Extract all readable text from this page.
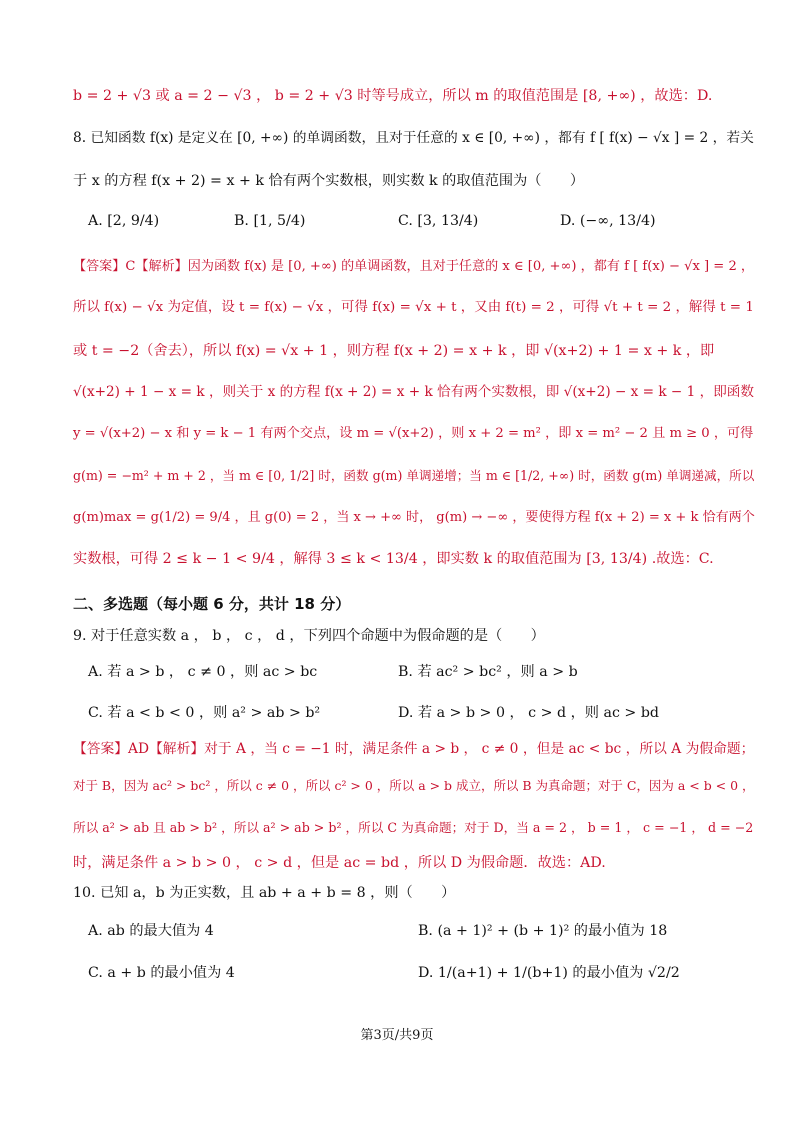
b = 2 + √3 或 a = 2 − √3 ， b = 2 + √3 时等号成立，所以 m 的取值范围是 [8, +∞) ，故选：D.
8. 已知函数 f(x) 是定义在 [0, +∞) 的单调函数，且对于任意的 x ∈ [0, +∞) ，都有 f [ f(x) − √x ] = 2 ，若关
于 x 的方程 f(x + 2) = x + k 恰有两个实数根，则实数 k 的取值范围为（　　）
A. [2, 9/4)	B. [1, 5/4)	C. [3, 13/4)	D. (−∞, 13/4)
【答案】C【解析】因为函数 f(x) 是 [0, +∞) 的单调函数，且对于任意的 x ∈ [0, +∞) ，都有 f [ f(x) − √x ] = 2 ，
所以 f(x) − √x 为定值，设 t = f(x) − √x ，可得 f(x) = √x + t ，又由 f(t) = 2 ，可得 √t + t = 2 ，解得 t = 1
或 t = −2（舍去），所以 f(x) = √x + 1 ，则方程 f(x + 2) = x + k ，即 √(x+2) + 1 = x + k ，即
√(x+2) + 1 − x = k ，则关于 x 的方程 f(x + 2) = x + k 恰有两个实数根，即 √(x+2) − x = k − 1 ，即函数
y = √(x+2) − x 和 y = k − 1 有两个交点，设 m = √(x+2) ，则 x + 2 = m² ，即 x = m² − 2 且 m ≥ 0 ，可得
g(m) = −m² + m + 2 ，当 m ∈ [0, 1/2] 时，函数 g(m) 单调递增；当 m ∈ [1/2, +∞) 时，函数 g(m) 单调递减，所以
g(m)max = g(1/2) = 9/4 ，且 g(0) = 2 ，当 x → +∞ 时， g(m) → −∞ ，要使得方程 f(x + 2) = x + k 恰有两个
实数根，可得 2 ≤ k − 1 < 9/4 ，解得 3 ≤ k < 13/4 ，即实数 k 的取值范围为 [3, 13/4) .故选：C.
二、多选题（每小题 6 分，共计 18 分）
9. 对于任意实数 a ， b ， c ， d ，下列四个命题中为假命题的是（　　）
A. 若 a > b ， c ≠ 0 ，则 ac > bc	B. 若 ac² > bc² ，则 a > b
C. 若 a < b < 0 ，则 a² > ab > b²	D. 若 a > b > 0 ， c > d ，则 ac > bd
【答案】AD【解析】对于 A ，当 c = −1 时，满足条件 a > b ， c ≠ 0 ，但是 ac < bc ，所以 A 为假命题；
对于 B，因为 ac² > bc² ，所以 c ≠ 0 ，所以 c² > 0 ，所以 a > b 成立，所以 B 为真命题；对于 C，因为 a < b < 0 ，
所以 a² > ab 且 ab > b² ，所以 a² > ab > b² ，所以 C 为真命题；对于 D，当 a = 2 ， b = 1 ， c = −1 ， d = −2
时，满足条件 a > b > 0 ， c > d ，但是 ac = bd ，所以 D 为假命题．故选：AD.
10. 已知 a，b 为正实数，且 ab + a + b = 8 ，则（　　）
A. ab 的最大值为 4	B. (a + 1)² + (b + 1)² 的最小值为 18
C. a + b 的最小值为 4	D. 1/(a+1) + 1/(b+1) 的最小值为 √2/2
第3页/共9页
